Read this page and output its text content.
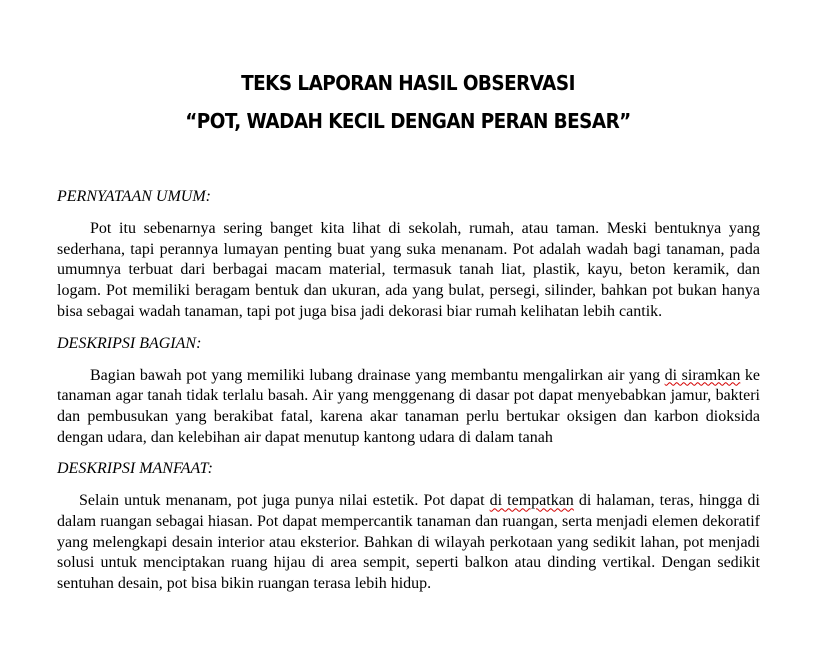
TEKS LAPORAN HASIL OBSERVASI
“POT, WADAH KECIL DENGAN PERAN BESAR”
PERNYATAAN UMUM:

Pot itu sebenarnya sering banget kita lihat di sekolah, rumah, atau taman. Meski bentuknya yang sederhana, tapi perannya lumayan penting buat yang suka menanam. Pot adalah wadah bagi tanaman, pada umumnya terbuat dari berbagai macam material, termasuk tanah liat, plastik, kayu, beton keramik, dan logam. Pot memiliki beragam bentuk dan ukuran, ada yang bulat, persegi, silinder, bahkan pot bukan hanya bisa sebagai wadah tanaman, tapi pot juga bisa jadi dekorasi biar rumah kelihatan lebih cantik.

DESKRIPSI BAGIAN:

Bagian bawah pot yang memiliki lubang drainase yang membantu mengalirkan air yang di siramkan ke tanaman agar tanah tidak terlalu basah. Air yang menggenang di dasar pot dapat menyebabkan jamur, bakteri dan pembusukan yang berakibat fatal, karena akar tanaman perlu bertukar oksigen dan karbon dioksida dengan udara, dan kelebihan air dapat menutup kantong udara di dalam tanah

DESKRIPSI MANFAAT:

Selain untuk menanam, pot juga punya nilai estetik. Pot dapat di tempatkan di halaman, teras, hingga di dalam ruangan sebagai hiasan. Pot dapat mempercantik tanaman dan ruangan, serta menjadi elemen dekoratif yang melengkapi desain interior atau eksterior. Bahkan di wilayah perkotaan yang sedikit lahan, pot menjadi solusi untuk menciptakan ruang hijau di area sempit, seperti balkon atau dinding vertikal. Dengan sedikit sentuhan desain, pot bisa bikin ruangan terasa lebih hidup.
